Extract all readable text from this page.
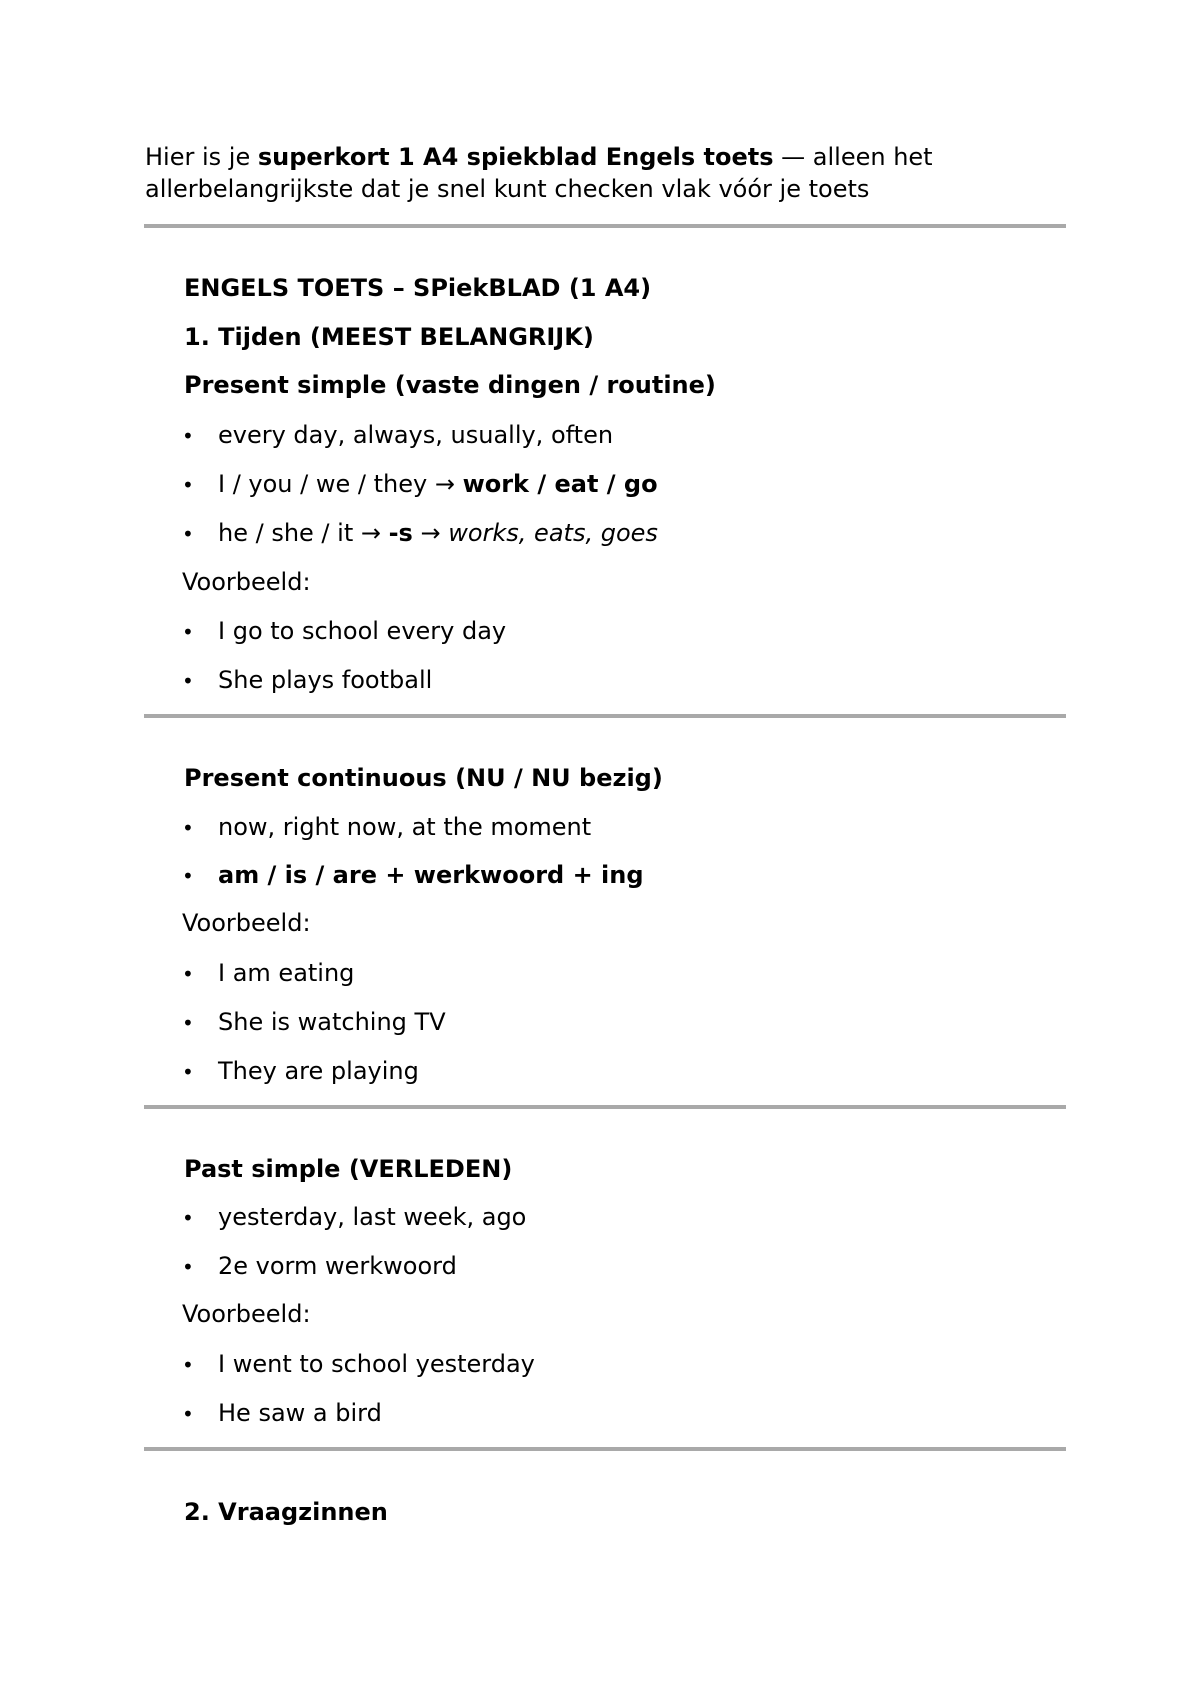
Hier is je superkort 1 A4 spiekblad Engels toets — alleen het
allerbelangrijkste dat je snel kunt checken vlak vóór je toets

ENGELS TOETS – SPiekBLAD (1 A4)

1. Tijden (MEEST BELANGRIJK)

Present simple (vaste dingen / routine)

• every day, always, usually, often

• I / you / we / they → work / eat / go

• he / she / it → -s → works, eats, goes

Voorbeeld:

• I go to school every day

• She plays football

Present continuous (NU / NU bezig)

• now, right now, at the moment

• am / is / are + werkwoord + ing

Voorbeeld:

• I am eating

• She is watching TV

• They are playing

Past simple (VERLEDEN)

• yesterday, last week, ago

• 2e vorm werkwoord

Voorbeeld:

• I went to school yesterday

• He saw a bird

2. Vraagzinnen
